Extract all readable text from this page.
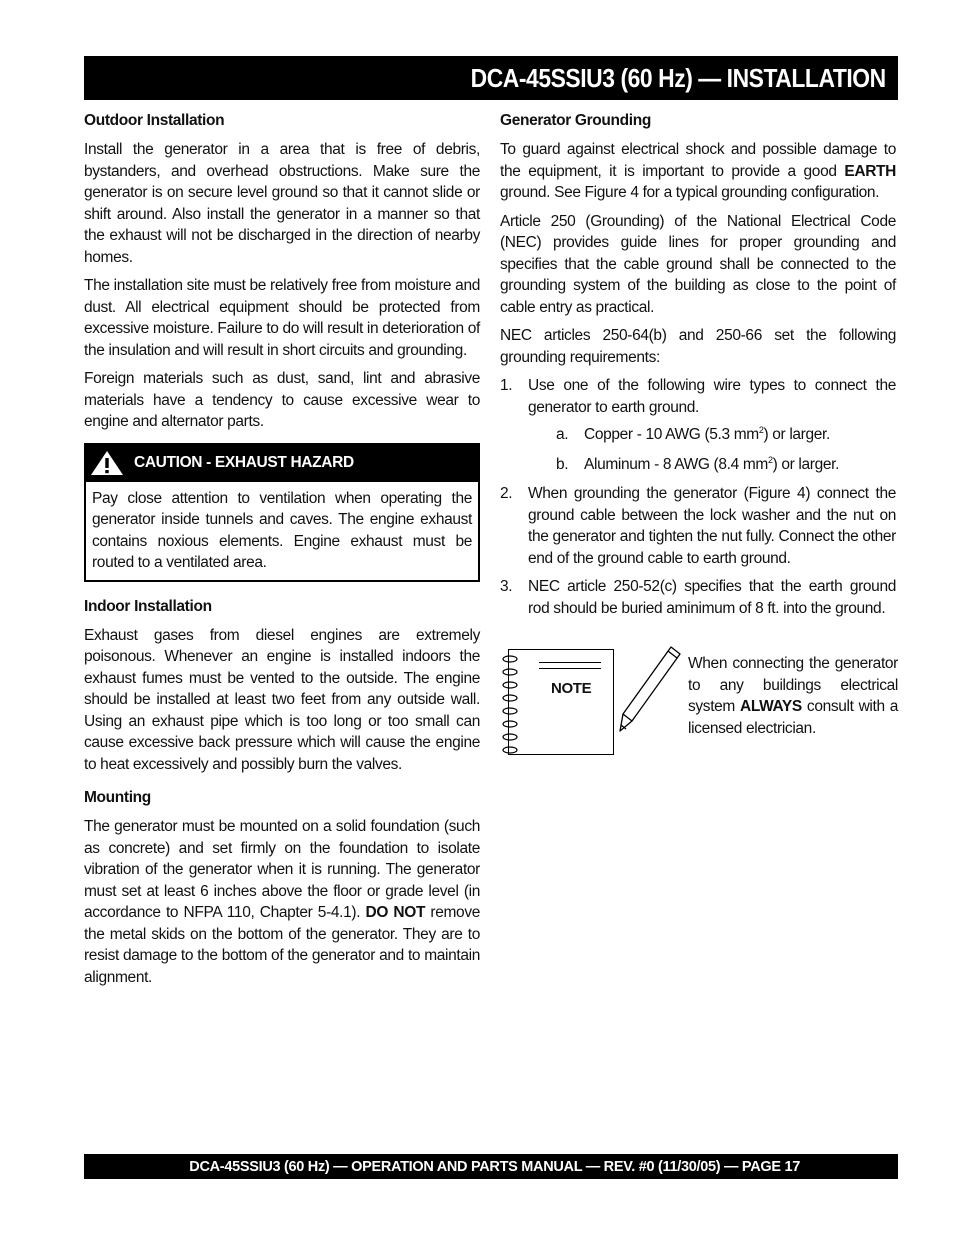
DCA-45SSIU3 (60 Hz) — INSTALLATION
Outdoor Installation

Install the generator in a area that is free of debris, bystanders, and overhead obstructions. Make sure the generator is on secure level ground so that it cannot slide or shift around. Also install the generator in a manner so that the exhaust will not be discharged in the direction of nearby homes.

The installation site must be relatively free from moisture and dust. All electrical equipment should be protected from excessive moisture. Failure to do will result in deterioration of the insulation and will result in short circuits and grounding.

Foreign materials such as dust, sand, lint and abrasive materials have a tendency to cause excessive wear to engine and alternator parts.

CAUTION - EXHAUST HAZARD

Pay close attention to ventilation when operating the generator inside tunnels and caves. The engine exhaust contains noxious elements. Engine exhaust must be routed to a ventilated area.

Indoor Installation

Exhaust gases from diesel engines are extremely poisonous. Whenever an engine is installed indoors the exhaust fumes must be vented to the outside. The engine should be installed at least two feet from any outside wall. Using an exhaust pipe which is too long or too small can cause excessive back pressure which will cause the engine to heat excessively and possibly burn the valves.

Mounting

The generator must be mounted on a solid foundation (such as concrete) and set firmly on the foundation to isolate vibration of the generator when it is running. The generator must set at least 6 inches above the floor or grade level (in accordance to NFPA 110, Chapter 5-4.1). DO NOT remove the metal skids on the bottom of the generator. They are to resist damage to the bottom of the generator and to maintain alignment.

Generator Grounding

To guard against electrical shock and possible damage to the equipment, it is important to provide a good EARTH ground. See Figure 4 for a typical grounding configuration.

Article 250 (Grounding) of the National Electrical Code (NEC) provides guide lines for proper grounding and specifies that the cable ground shall be connected to the grounding system of the building as close to the point of cable entry as practical.

NEC articles 250-64(b) and 250-66 set the following grounding requirements:

1. Use one of the following wire types to connect the generator to earth ground.
a. Copper - 10 AWG (5.3 $mm^2$) or larger.
b. Aluminum - 8 AWG (8.4 $mm^2$) or larger.
2. When grounding the generator (Figure 4) connect the ground cable between the lock washer and the nut on the generator and tighten the nut fully. Connect the other end of the ground cable to earth ground.
3. NEC article 250-52(c) specifies that the earth ground rod should be buried aminimum of 8 ft. into the ground.
NOTE

When connecting the generator to any buildings electrical system ALWAYS consult with a licensed electrician.

DCA-45SSIU3 (60 Hz) — OPERATION AND PARTS MANUAL — REV. #0 (11/30/05) — PAGE 17
